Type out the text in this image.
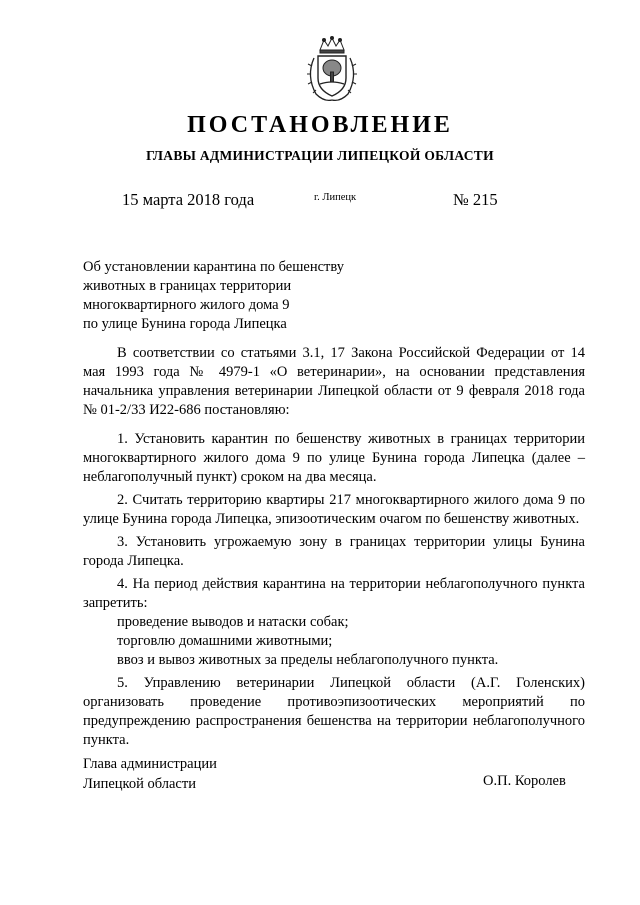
ПОСТАНОВЛЕНИЕ
ГЛАВЫ АДМИНИСТРАЦИИ ЛИПЕЦКОЙ ОБЛАСТИ
15 марта 2018 года	г. Липецк	№ 215
Об установлении карантина по бешенству
животных в границах территории
многоквартирного жилого дома 9
по улице Бунина города Липецка

В соответствии со статьями 3.1, 17 Закона Российской Федерации от 14 мая 1993 года № 4979-1 «О ветеринарии», на основании представления начальника управления ветеринарии Липецкой области от 9 февраля 2018 года № 01-2/33 И22-686 постановляю:

1. Установить карантин по бешенству животных в границах территории многоквартирного жилого дома 9 по улице Бунина города Липецка (далее – неблагополучный пункт) сроком на два месяца.

2. Считать территорию квартиры 217 многоквартирного жилого дома 9 по улице Бунина города Липецка, эпизоотическим очагом по бешенству животных.

3. Установить угрожаемую зону в границах территории улицы Бунина города Липецка.

4. На период действия карантина на территории неблагополучного пункта запретить:

проведение выводов и натаски собак;

торговлю домашними животными;

ввоз и вывоз животных за пределы неблагополучного пункта.

5. Управлению ветеринарии Липецкой области (А.Г. Голенских) организовать проведение противоэпизоотических мероприятий по предупреждению распространения бешенства на территории неблагополучного пункта.

Глава администрации
Липецкой области	О.П. Королев
